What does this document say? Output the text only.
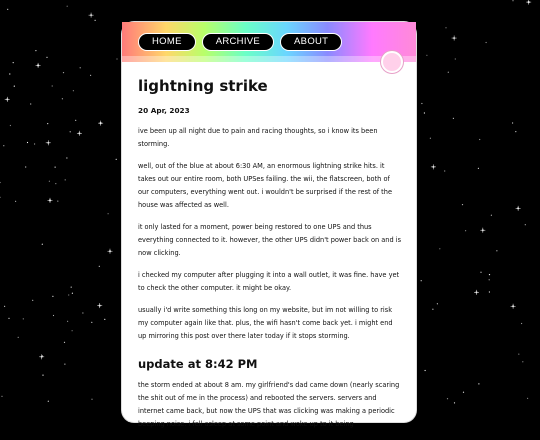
HOME	ARCHIVE	ABOUT
lightning strike
20 Apr, 2023

ive been up all night due to pain and racing thoughts, so i know its been storming.

well, out of the blue at about 6:30 AM, an enormous lightning strike hits. it takes out our entire room, both UPSes failing. the wii, the flatscreen, both of our computers, everything went out. i wouldn't be surprised if the rest of the house was affected as well.

it only lasted for a moment, power being restored to one UPS and thus everything connected to it. however, the other UPS didn't power back on and is now clicking.

i checked my computer after plugging it into a wall outlet, it was fine. have yet to check the other computer. it might be okay.

usually i'd write something this long on my website, but im not willing to risk my computer again like that. plus, the wifi hasn't come back yet. i might end up mirroring this post over there later today if it stops storming.

update at 8:42 PM

the storm ended at about 8 am. my girlfriend's dad came down (nearly scaring the shit out of me in the process) and rebooted the servers. servers and internet came back, but now the UPS that was clicking was making a periodic beeping noise. i fell asleep at some point and woke up to it being
